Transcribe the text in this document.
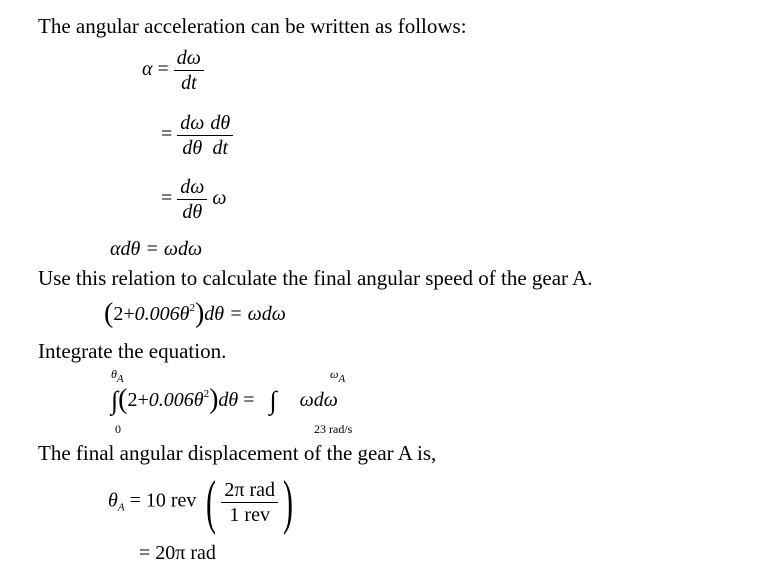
The angular acceleration can be written as follows:
$\alpha = \frac{d\omega}{dt}$
= $\frac{d\omega}{d\theta} \frac{d\theta}{dt}$
= $\frac{d\omega}{d\theta}$ ω
αdθ = ωdω
Use this relation to calculate the final angular speed of the gear A.
$(2+0.006\theta^2)d\theta = \omega d\omega$
Integrate the equation.
θA
$\int(2+0.006\theta^2)d\theta$ = ∫ ωdω
0
ωA
23 rad/s
The final angular displacement of the gear A is,
$\theta_A = 10$ rev ( $\frac{\text{2π rad}}{\text{1 rev}}$ )
= 20π rad
